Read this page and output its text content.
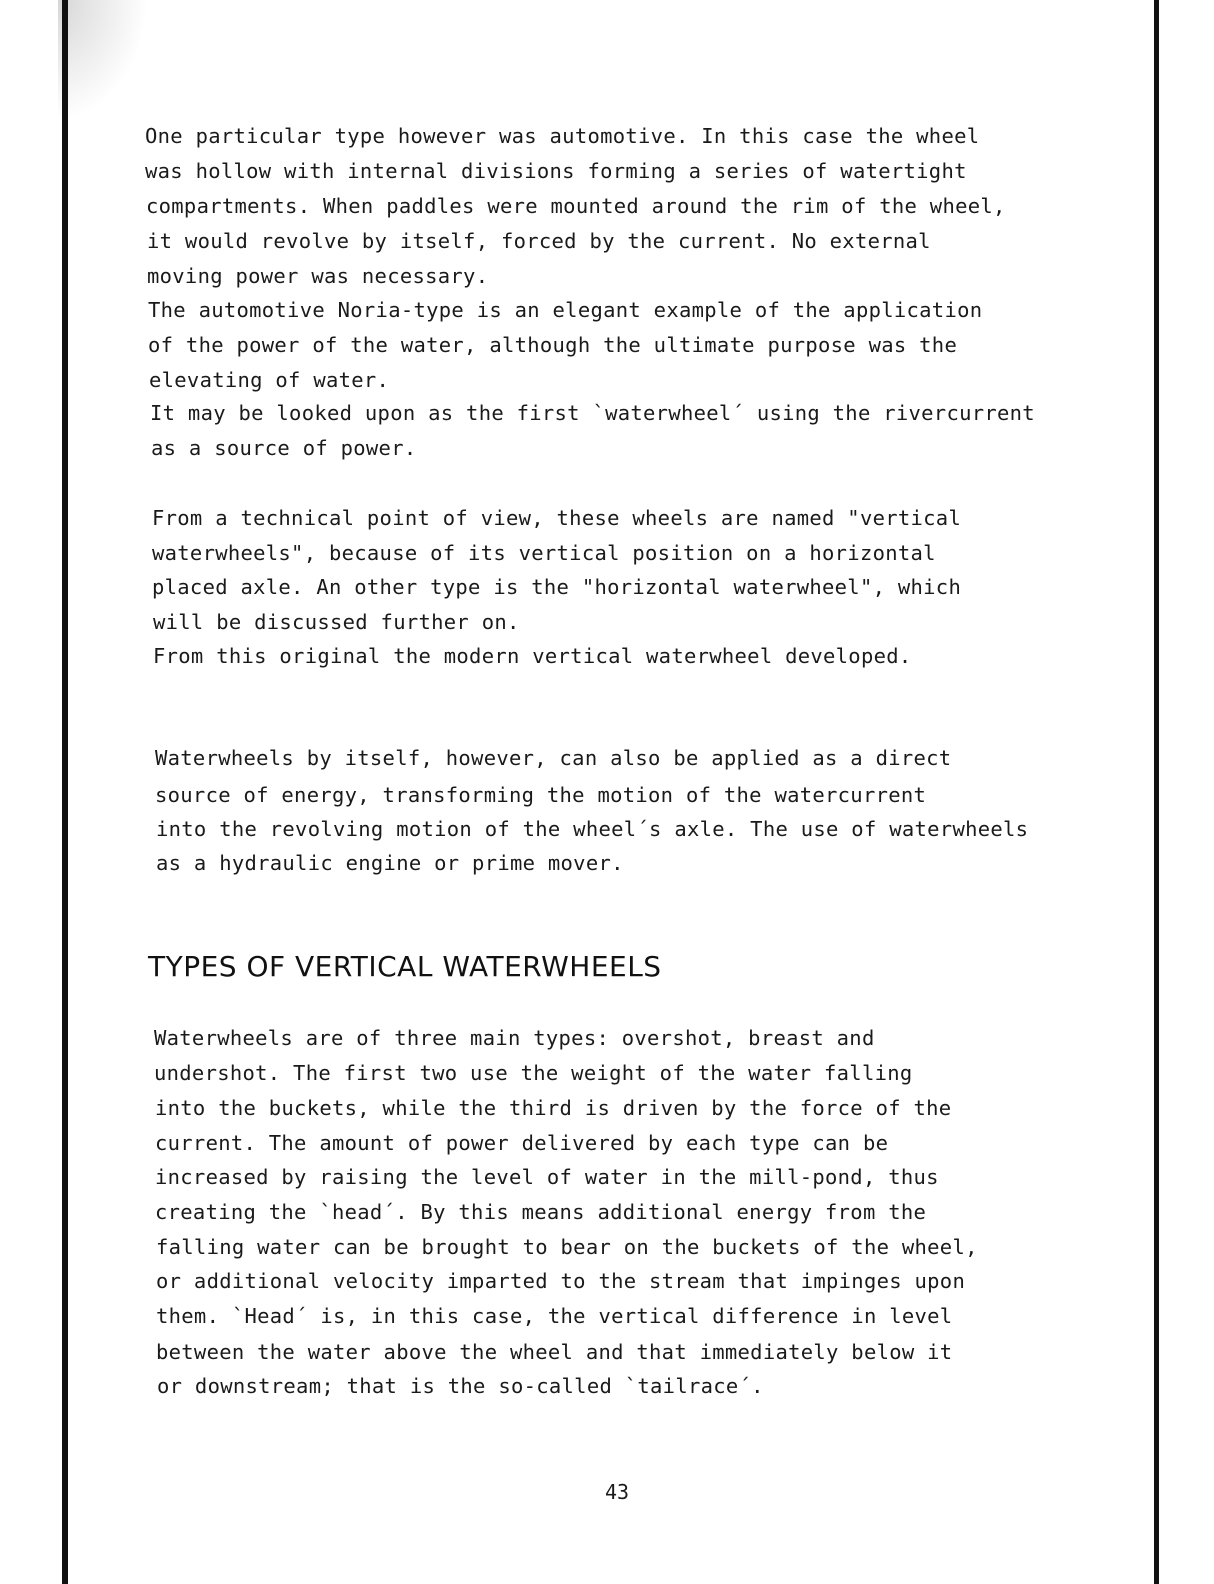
One particular type however was automotive. In this case the wheel
was hollow with internal divisions forming a series of watertight
compartments. When paddles were mounted around the rim of the wheel,
it would revolve by itself, forced by the current. No external
moving power was necessary.
The automotive Noria-type is an elegant example of the application
of the power of the water, although the ultimate purpose was the
elevating of water.
It may be looked upon as the first `waterwheel´ using the rivercurrent
as a source of power.
From a technical point of view, these wheels are named "vertical
waterwheels", because of its vertical position on a horizontal
placed axle. An other type is the "horizontal waterwheel", which
will be discussed further on.
From this original the modern vertical waterwheel developed.
Waterwheels by itself, however, can also be applied as a direct
source of energy, transforming the motion of the watercurrent
into the revolving motion of the wheel´s axle. The use of waterwheels
as a hydraulic engine or prime mover.
TYPES OF VERTICAL WATERWHEELS
Waterwheels are of three main types: overshot, breast and
undershot. The first two use the weight of the water falling
into the buckets, while the third is driven by the force of the
current. The amount of power delivered by each type can be
increased by raising the level of water in the mill-pond, thus
creating the `head´. By this means additional energy from the
falling water can be brought to bear on the buckets of the wheel,
or additional velocity imparted to the stream that impinges upon
them. `Head´ is, in this case, the vertical difference in level
between the water above the wheel and that immediately below it
or downstream; that is the so-called `tailrace´.
43
